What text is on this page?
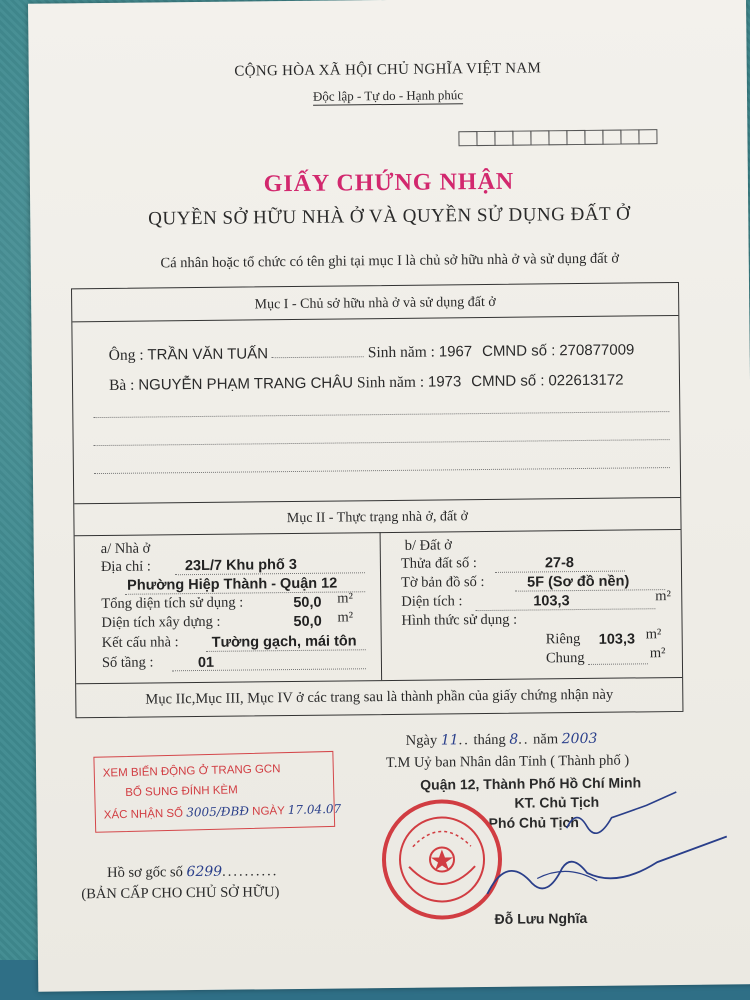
CỘNG HÒA XÃ HỘI CHỦ NGHĨA VIỆT NAM
Độc lập - Tự do - Hạnh phúc
GIẤY CHỨNG NHẬN
QUYỀN SỞ HỮU NHÀ Ở VÀ QUYỀN SỬ DỤNG ĐẤT Ở
Cá nhân hoặc tổ chức có tên ghi tại mục I là chủ sở hữu nhà ở và sử dụng đất ở
Mục I - Chủ sở hữu nhà ở và sử dụng đất ở
Ông : TRẦN VĂN TUẤN	Sinh năm : 1967 CMND số : 270877009
Bà : NGUYỄN PHẠM TRANG CHÂU Sinh năm : 1973 CMND số : 022613172
Mục II - Thực trạng nhà ở, đất ở
a/ Nhà ở
Địa chỉ : 23L/7 Khu phố 3
Phường Hiệp Thành - Quận 12
Tổng diện tích sử dụng :	50,0 m²
Diện tích xây dựng :	50,0 m²
Kết cấu nhà : Tường gạch, mái tôn
Số tầng :	01
b/ Đất ở
Thửa đất số :	27-8
Tờ bản đồ số :	5F (Sơ đồ nền)
Diện tích :	103,3	m²
Hình thức sử dụng :
Riêng 103,3 m²
Chung	m²
Mục IIc,Mục III, Mục IV ở các trang sau là thành phần của giấy chứng nhận này
Ngày 11.. tháng 8.. năm 2003
T.M Uỷ ban Nhân dân Tỉnh ( Thành phố )
Quận 12, Thành Phố Hồ Chí Minh
KT. Chủ Tịch
Phó Chủ Tịch
Đỗ Lưu Nghĩa
XEM BIẾN ĐỘNG Ở TRANG GCN
BỔ SUNG ĐÍNH KÈM
XÁC NHẬN SỐ 3005/ĐBĐ NGÀY 17.04.07
Hồ sơ gốc số 6299..........
(BẢN CẤP CHO CHỦ SỞ HỮU)
